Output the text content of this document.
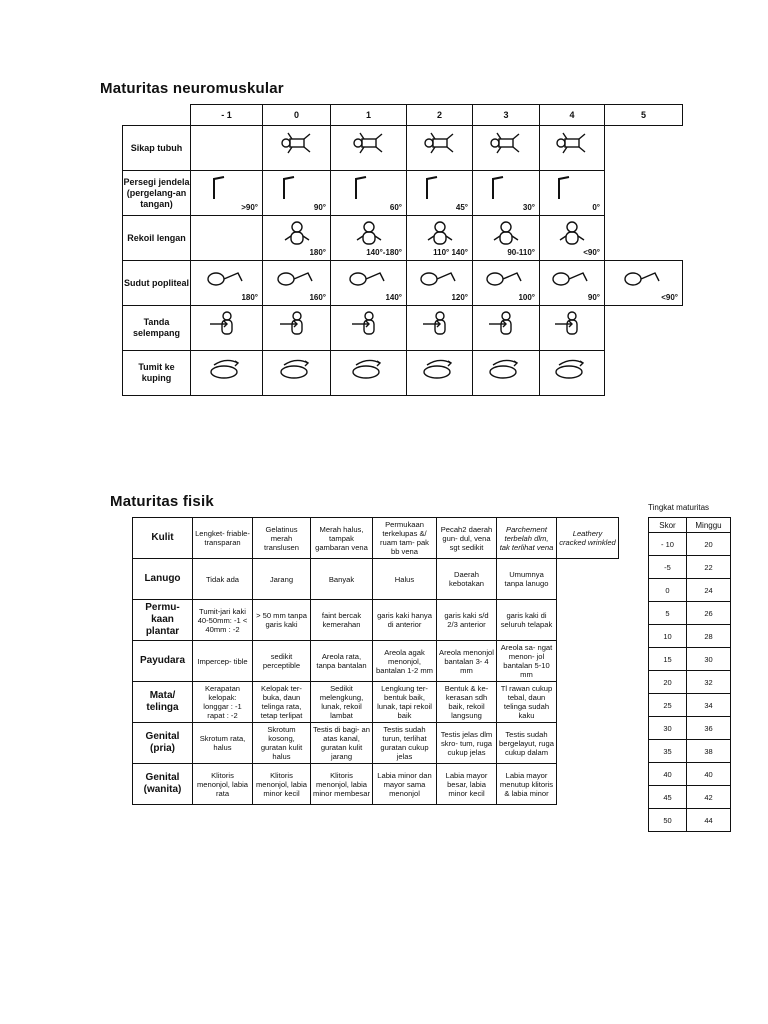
Maturitas neuromuskular
	- 1	0	1	2	3	4	5
Sikap tubuh		

Persegi jendela (pergelang-an tangan)	>90°	90°	60°	45°	30°	0°	

Rekoil lengan		180°	140°-180°	110° 140°	90-110°	<90°	

Sudut popliteal	180°	160°	140°	120°	100°	90°	<90°

Tanda selempang	

Tumit ke kuping	

Maturitas fisik
Kulit	Lengket- friable- transparan	Gelatinus merah translusen	Merah halus, tampak gambaran vena	Permukaan terkelupas &/ ruam tam- pak bb vena	Pecah2 daerah gun- dul, vena sgt sedikit	Parchement terbelah dlm, tak terlihat vena	Leathery cracked wrinkled
Lanugo	Tidak ada	Jarang	Banyak	Halus	Daerah kebotakan	Umumnya tanpa lanugo	
Permu- kaan plantar	Tumit-jari kaki 40-50mm: -1 < 40mm : -2	> 50 mm tanpa garis kaki	faint bercak kemerahan	garis kaki hanya di anterior	garis kaki s/d 2/3 anterior	garis kaki di seluruh telapak	
Payudara	Impercep- tible	sedikit perceptible	Areola rata, tanpa bantalan	Areola agak menonjol, bantalan 1-2 mm	Areola menonjol bantalan 3- 4 mm	Areola sa- ngat menon- jol bantalan 5-10 mm	
Mata/ telinga	Kerapatan kelopak: longgar : -1 rapat : -2	Kelopak ter- buka, daun telinga rata, tetap terlipat	Sedikit melengkung, lunak, rekoil lambat	Lengkung ter- bentuk baik, lunak, tapi rekoil baik	Bentuk & ke- kerasan sdh baik, rekoil langsung	Tl rawan cukup tebal, daun telinga sudah kaku	
Genital (pria)	Skrotum rata, halus	Skrotum kosong, guratan kulit halus	Testis di bagi- an atas kanal, guratan kulit jarang	Testis sudah turun, terlihat guratan cukup jelas	Testis jelas dlm skro- tum, ruga cukup jelas	Testis sudah bergelayut, ruga cukup dalam	
Genital (wanita)	Klitoris menonjol, labia rata	Klitoris menonjol, labia minor kecil	Klitoris menonjol, labia minor membesar	Labia minor dan mayor sama menonjol	Labia mayor besar, labia minor kecil	Labia mayor menutup klitoris & labia minor	
Tingkat maturitas
Skor	Minggu
- 10	20
-5	22
0	24
5	26
10	28
15	30
20	32
25	34
30	36
35	38
40	40
45	42
50	44
